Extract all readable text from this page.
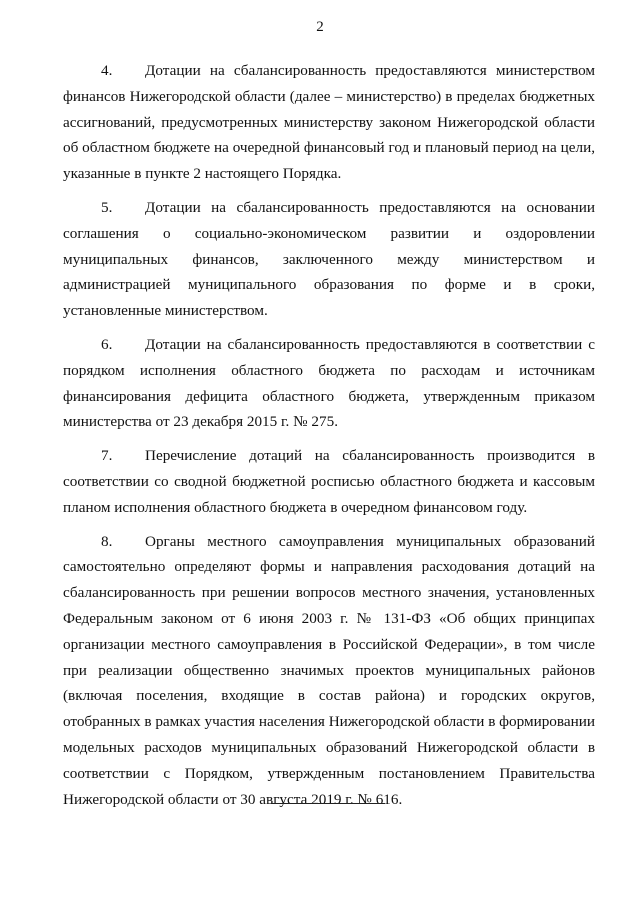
2

4. Дотации на сбалансированность предоставляются министерством финансов Нижегородской области (далее – министерство) в пределах бюджетных ассигнований, предусмотренных министерству законом Нижегородской области об областном бюджете на очередной финансовый год и плановый период на цели, указанные в пункте 2 настоящего Порядка.

5. Дотации на сбалансированность предоставляются на основании соглашения о социально-экономическом развитии и оздоровлении муниципальных финансов, заключенного между министерством и администрацией муниципального образования по форме и в сроки, установленные министерством.

6. Дотации на сбалансированность предоставляются в соответствии с порядком исполнения областного бюджета по расходам и источникам финансирования дефицита областного бюджета, утвержденным приказом министерства от 23 декабря 2015 г. № 275.

7. Перечисление дотаций на сбалансированность производится в соответствии со сводной бюджетной росписью областного бюджета и кассовым планом исполнения областного бюджета в очередном финансовом году.

8. Органы местного самоуправления муниципальных образований самостоятельно определяют формы и направления расходования дотаций на сбалансированность при решении вопросов местного значения, установленных Федеральным законом от 6 июня 2003 г. № 131-ФЗ «Об общих принципах организации местного самоуправления в Российской Федерации», в том числе при реализации общественно значимых проектов муниципальных районов (включая поселения, входящие в состав района) и городских округов, отобранных в рамках участия населения Нижегородской области в формировании модельных расходов муниципальных образований Нижегородской области в соответствии с Порядком, утвержденным постановлением Правительства Нижегородской области от 30 августа 2019 г. № 616.
